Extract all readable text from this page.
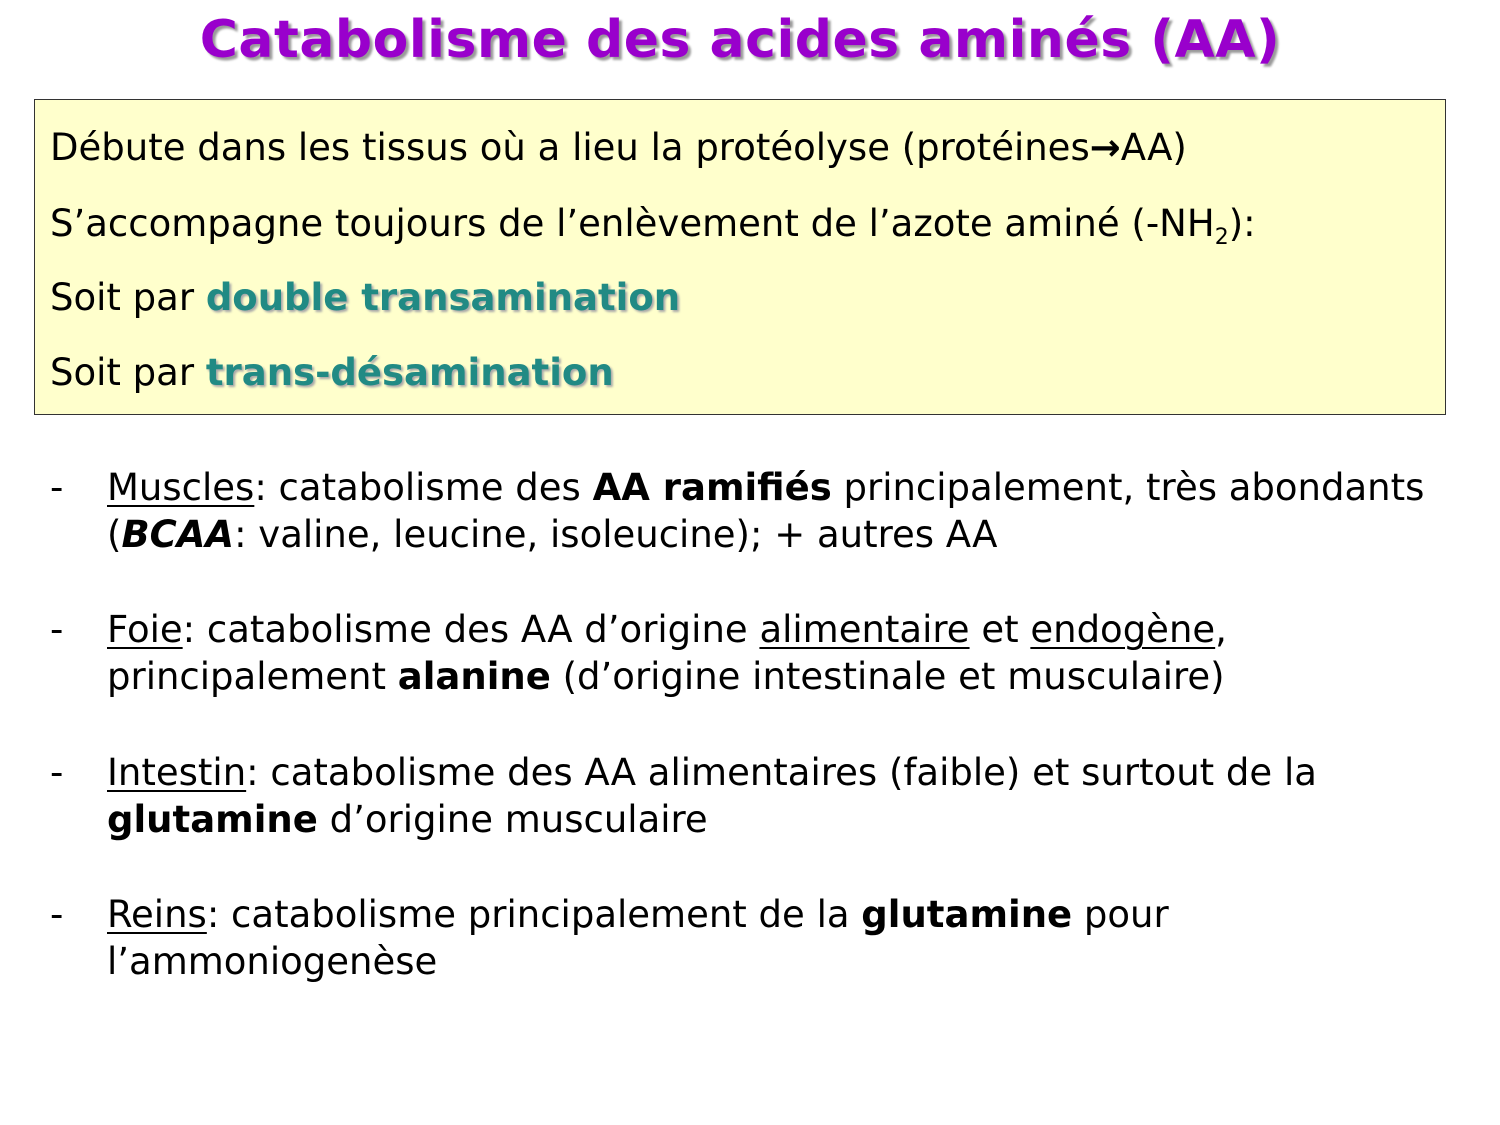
Catabolisme des acides aminés (AA)
Débute dans les tissus où a lieu la protéolyse (protéines→AA)
S’accompagne toujours de l’enlèvement de l’azote aminé $(-NH_2)$:
Soit par double transamination
Soit par trans-désamination
- Muscles: catabolisme des AA ramifiés principalement, très abondants (BCAA: valine, leucine, isoleucine); + autres AA
- Foie: catabolisme des AA d’origine alimentaire et endogène, principalement alanine (d’origine intestinale et musculaire)
- Intestin: catabolisme des AA alimentaires (faible) et surtout de la glutamine d’origine musculaire
- Reins: catabolisme principalement de la glutamine pour l’ammoniogenèse
